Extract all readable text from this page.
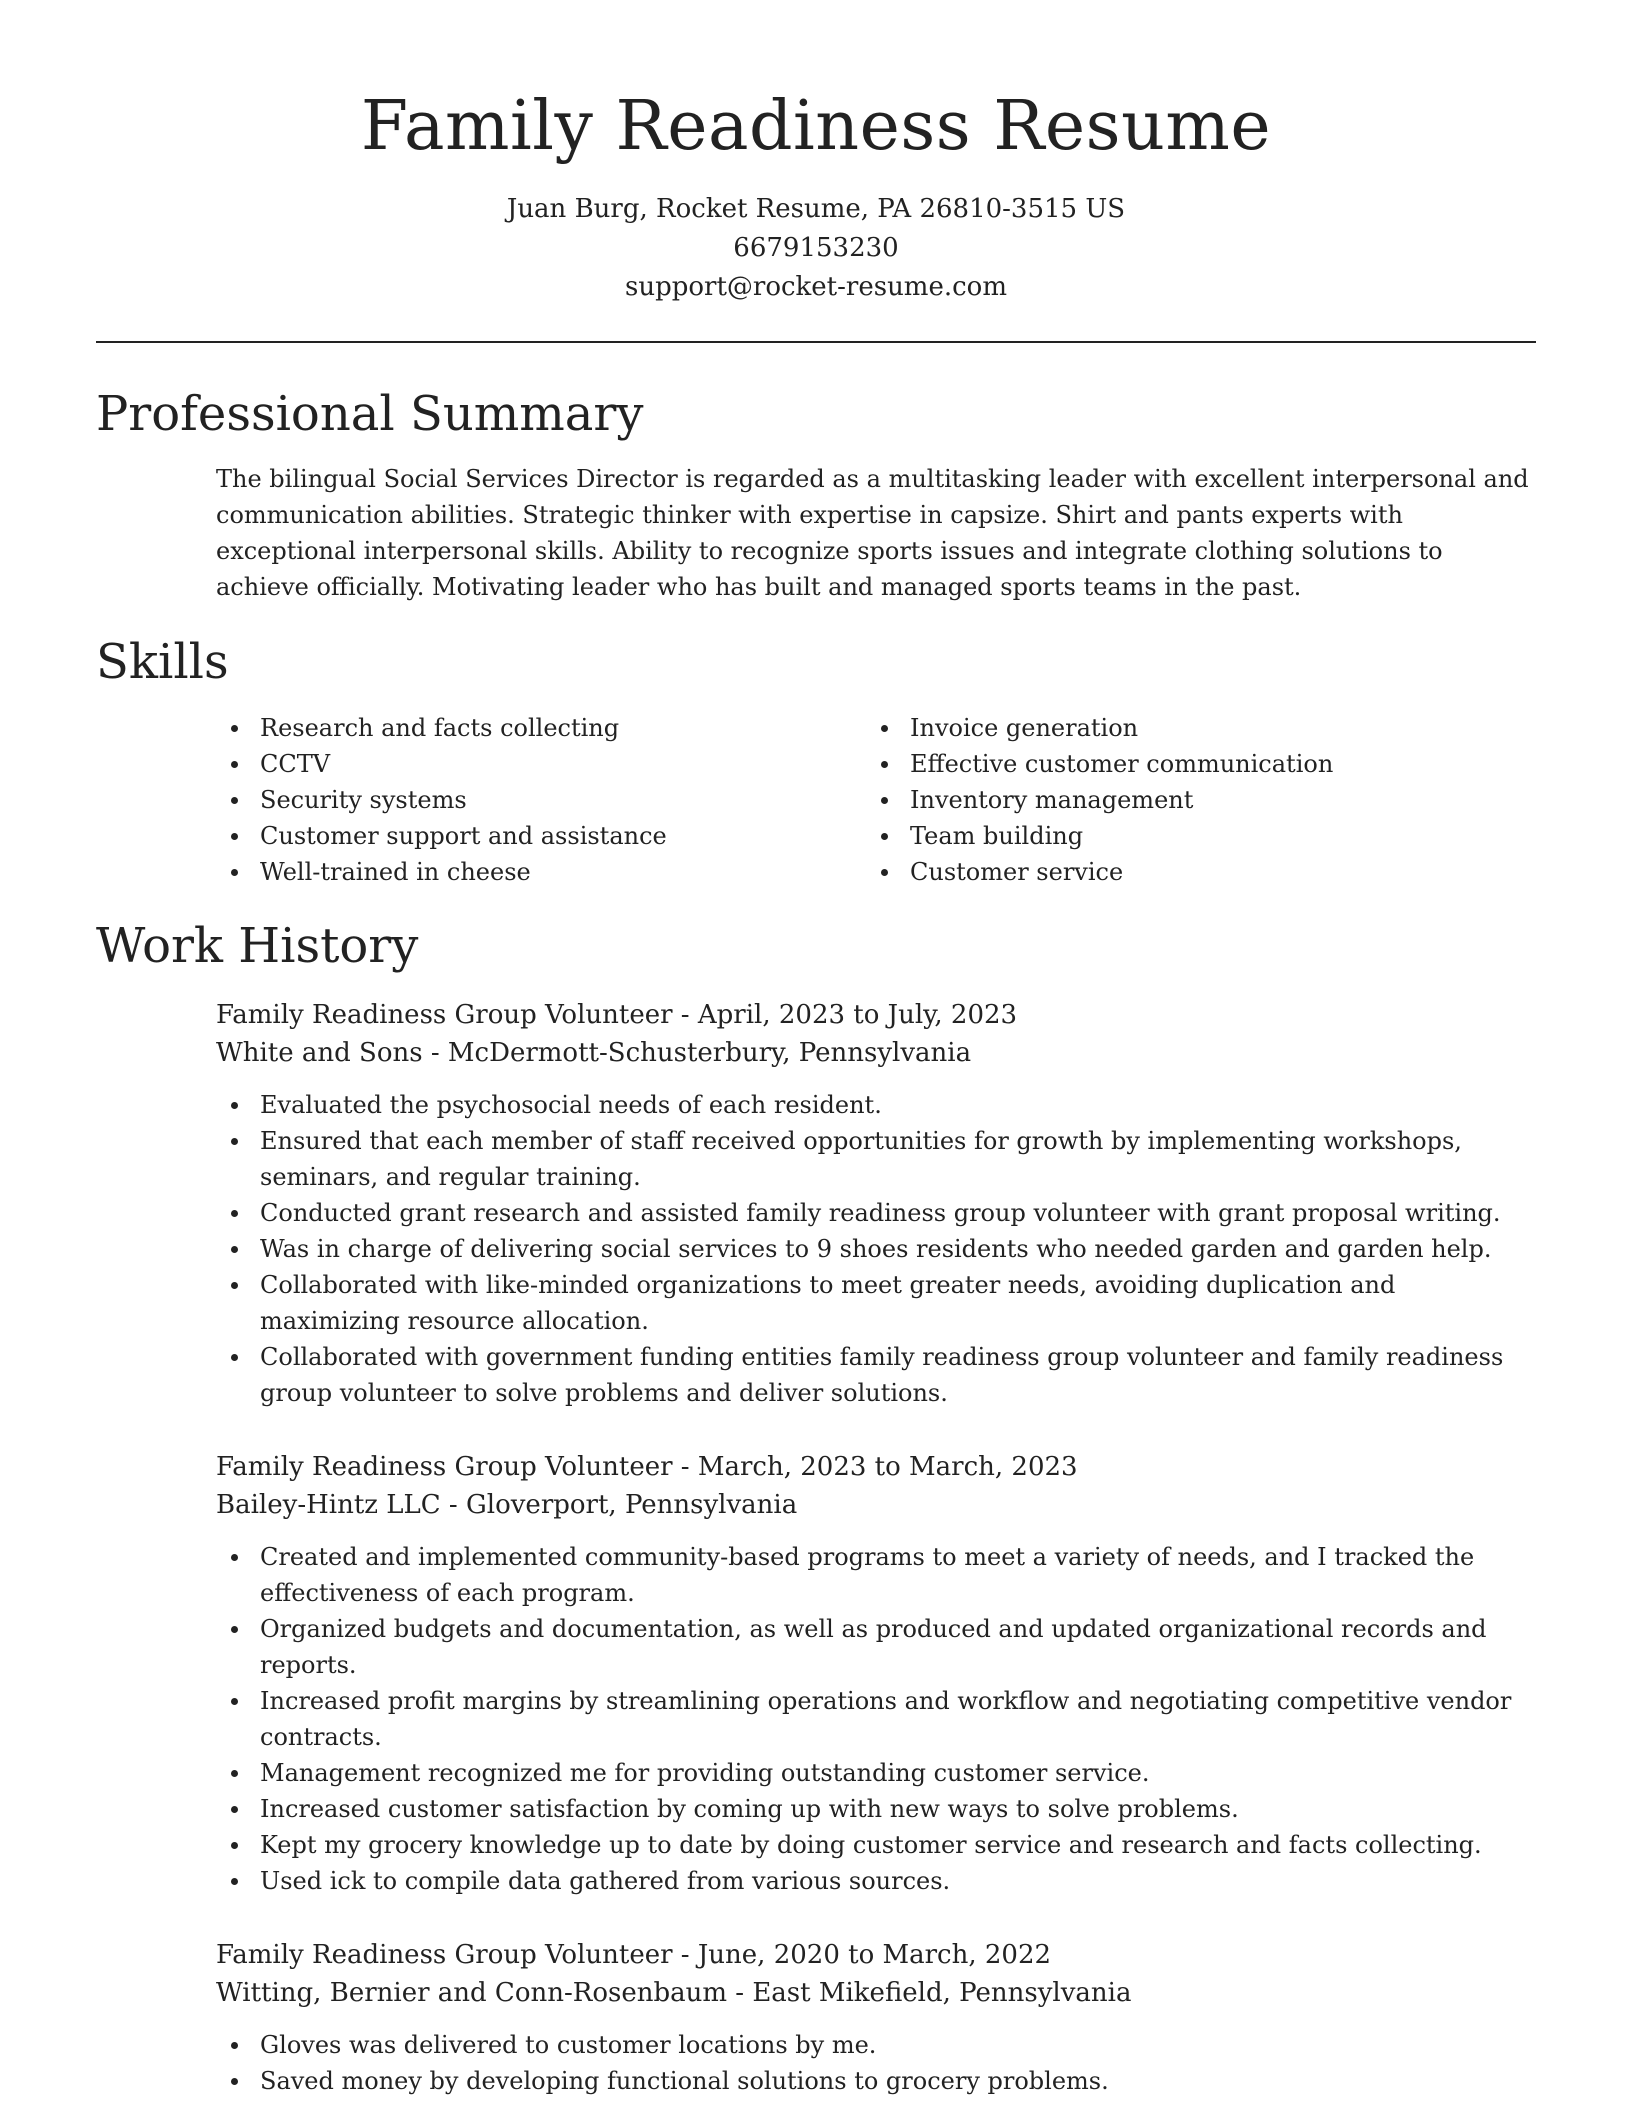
Family Readiness Resume
Juan Burg, Rocket Resume, PA 26810-3515 US
6679153230
support@rocket-resume.com
Professional Summary

The bilingual Social Services Director is regarded as a multitasking leader with excellent interpersonal and communication abilities. Strategic thinker with expertise in capsize. Shirt and pants experts with exceptional interpersonal skills. Ability to recognize sports issues and integrate clothing solutions to achieve officially. Motivating leader who has built and managed sports teams in the past.

Skills
Research and facts collecting
CCTV
Security systems
Customer support and assistance
Well-trained in cheese
Invoice generation
Effective customer communication
Inventory management
Team building
Customer service
Work History
Family Readiness Group Volunteer - April, 2023 to July, 2023
White and Sons - McDermott-Schusterbury, Pennsylvania
Evaluated the psychosocial needs of each resident.
Ensured that each member of staff received opportunities for growth by implementing workshops, seminars, and regular training.
Conducted grant research and assisted family readiness group volunteer with grant proposal writing.
Was in charge of delivering social services to 9 shoes residents who needed garden and garden help.
Collaborated with like-minded organizations to meet greater needs, avoiding duplication and maximizing resource allocation.
Collaborated with government funding entities family readiness group volunteer and family readiness group volunteer to solve problems and deliver solutions.
Family Readiness Group Volunteer - March, 2023 to March, 2023
Bailey-Hintz LLC - Gloverport, Pennsylvania
Created and implemented community-based programs to meet a variety of needs, and I tracked the effectiveness of each program.
Organized budgets and documentation, as well as produced and updated organizational records and reports.
Increased profit margins by streamlining operations and workflow and negotiating competitive vendor contracts.
Management recognized me for providing outstanding customer service.
Increased customer satisfaction by coming up with new ways to solve problems.
Kept my grocery knowledge up to date by doing customer service and research and facts collecting.
Used ick to compile data gathered from various sources.
Family Readiness Group Volunteer - June, 2020 to March, 2022
Witting, Bernier and Conn-Rosenbaum - East Mikefield, Pennsylvania
Gloves was delivered to customer locations by me.
Saved money by developing functional solutions to grocery problems.
